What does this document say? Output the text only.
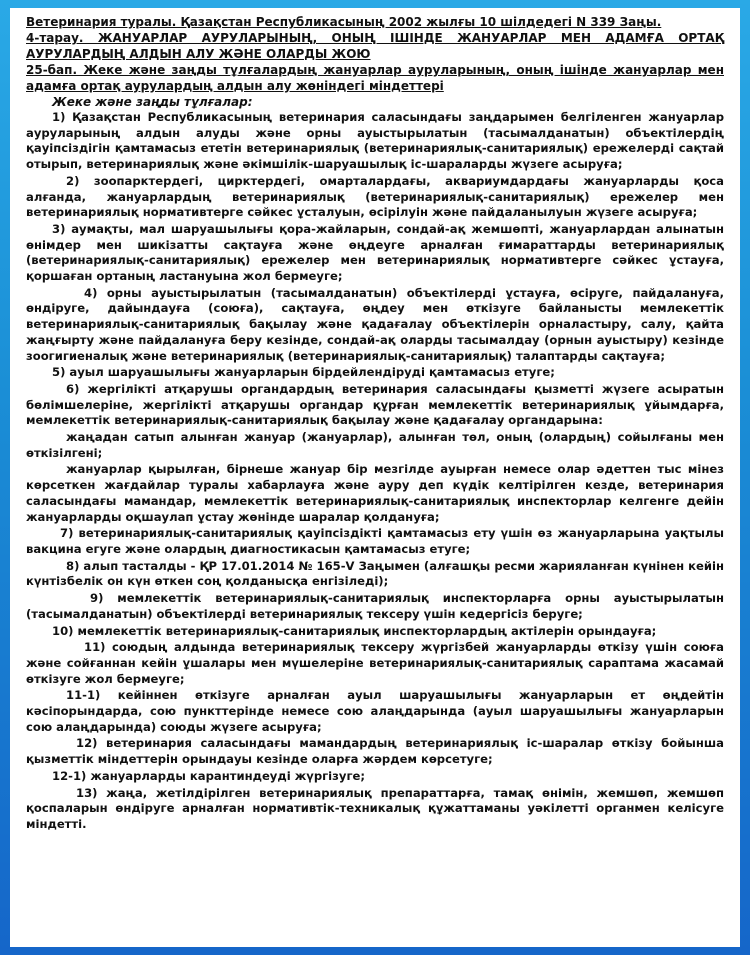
Ветеринария туралы. Қазақстан Республикасының 2002 жылғы 10 шілдедегі N 339 Заңы.

4-тарау. ЖАНУАРЛАР АУРУЛАРЫНЫҢ, ОНЫҢ ІШІНДЕ ЖАНУАРЛАР МЕН АДАМҒА ОРТАҚ АУРУЛАРДЫҢ АЛДЫН АЛУ ЖӘНЕ ОЛАРДЫ ЖОЮ

25-бап. Жеке және заңды тұлғалардың жануарлар ауруларының, оның ішінде жануарлар мен адамға ортақ аурулардың алдын алу жөніндегі міндеттері

Жеке және заңды тұлғалар:

1) Қазақстан Республикасының ветеринария саласындағы заңдарымен белгіленген жануарлар ауруларының алдын алуды және орны ауыстырылатын (тасымалданатын) объектілердің қауіпсіздігін қамтамасыз ететін ветеринариялық (ветеринариялық-санитариялық) ережелерді сақтай отырып, ветеринариялық және әкімшілік-шаруашылық іс-шараларды жүзеге асыруға;

2) зоопарктердегі, цирктердегі, омарталардағы, аквариумдардағы жануарларды қоса алғанда, жануарлардың ветеринариялық (ветеринариялық-санитариялық) ережелер мен ветеринариялық нормативтерге сәйкес ұсталуын, өсірілуін және пайдаланылуын жүзеге асыруға;

3) аумақты, мал шаруашылығы қора-жайларын, сондай-ақ жемшөпті, жануарлардан алынатын өнімдер мен шикізатты сақтауға және өңдеуге арналған ғимараттарды ветеринариялық (ветеринариялық-санитариялық) ережелер мен ветеринариялық нормативтерге сәйкес ұстауға, қоршаған ортаның ластануына жол бермеуге;

4) орны ауыстырылатын (тасымалданатын) объектілерді ұстауға, өсіруге, пайдалануға, өндіруге, дайындауға (союға), сақтауға, өңдеу мен өткізуге байланысты мемлекеттік ветеринариялық-санитариялық бақылау және қадағалау объектілерін орналастыру, салу, қайта жаңғырту және пайдалануға беру кезінде, сондай-ақ оларды тасымалдау (орнын ауыстыру) кезінде зоогигиеналық және ветеринариялық (ветеринариялық-санитариялық) талаптарды сақтауға;

5) ауыл шаруашылығы жануарларын бірдейлендіруді қамтамасыз етуге;

6) жергілікті атқарушы органдардың ветеринария саласындағы қызметті жүзеге асыратын бөлімшелеріне, жергілікті атқарушы органдар құрған мемлекеттік ветеринариялық ұйымдарға, мемлекеттік ветеринариялық-санитариялық бақылау және қадағалау органдарына:

жаңадан сатып алынған жануар (жануарлар), алынған төл, оның (олардың) сойылғаны мен өткізілгені;

жануарлар қырылған, бірнеше жануар бір мезгілде ауырған немесе олар әдеттен тыс мінез көрсеткен жағдайлар туралы хабарлауға және ауру деп күдік келтірілген кезде, ветеринария саласындағы мамандар, мемлекеттік ветеринариялық-санитариялық инспекторлар келгенге дейін жануарларды оқшаулап ұстау жөнінде шаралар қолдануға;

7) ветеринариялық-санитариялық қауіпсіздікті қамтамасыз ету үшін өз жануарларына уақтылы вакцина егуге және олардың диагностикасын қамтамасыз етуге;

8) алып тасталды - ҚР 17.01.2014 № 165-V Заңымен (алғашқы ресми жарияланған күнінен кейін күнтізбелік он күн өткен соң қолданысқа енгізіледі);

9) мемлекеттік ветеринариялық-санитариялық инспекторларға орны ауыстырылатын (тасымалданатын) объектілерді ветеринариялық тексеру үшін кедергісіз беруге;

10) мемлекеттік ветеринариялық-санитариялық инспекторлардың актілерін орындауға;

11) союдың алдында ветеринариялық тексеру жүргізбей жануарларды өткізу үшін союға және сойғаннан кейін ұшалары мен мүшелеріне ветеринариялық-санитариялық сараптама жасамай өткізуге жол бермеуге;

11-1) кейіннен өткізуге арналған ауыл шаруашылығы жануарларын ет өңдейтін кәсіпорындарда, сою пункттерінде немесе сою алаңдарында (ауыл шаруашылығы жануарларын сою алаңдарында) союды жүзеге асыруға;

12) ветеринария саласындағы мамандардың ветеринариялық іс-шаралар өткізу бойынша қызметтік міндеттерін орындауы кезінде оларға жәрдем көрсетуге;

12-1) жануарларды карантиндеуді жүргізуге;

13) жаңа, жетілдірілген ветеринариялық препараттарға, тамақ өнімін, жемшөп, жемшөп қоспаларын өндіруге арналған нормативтік-техникалық құжаттаманы уәкілетті органмен келісуге міндетті.
